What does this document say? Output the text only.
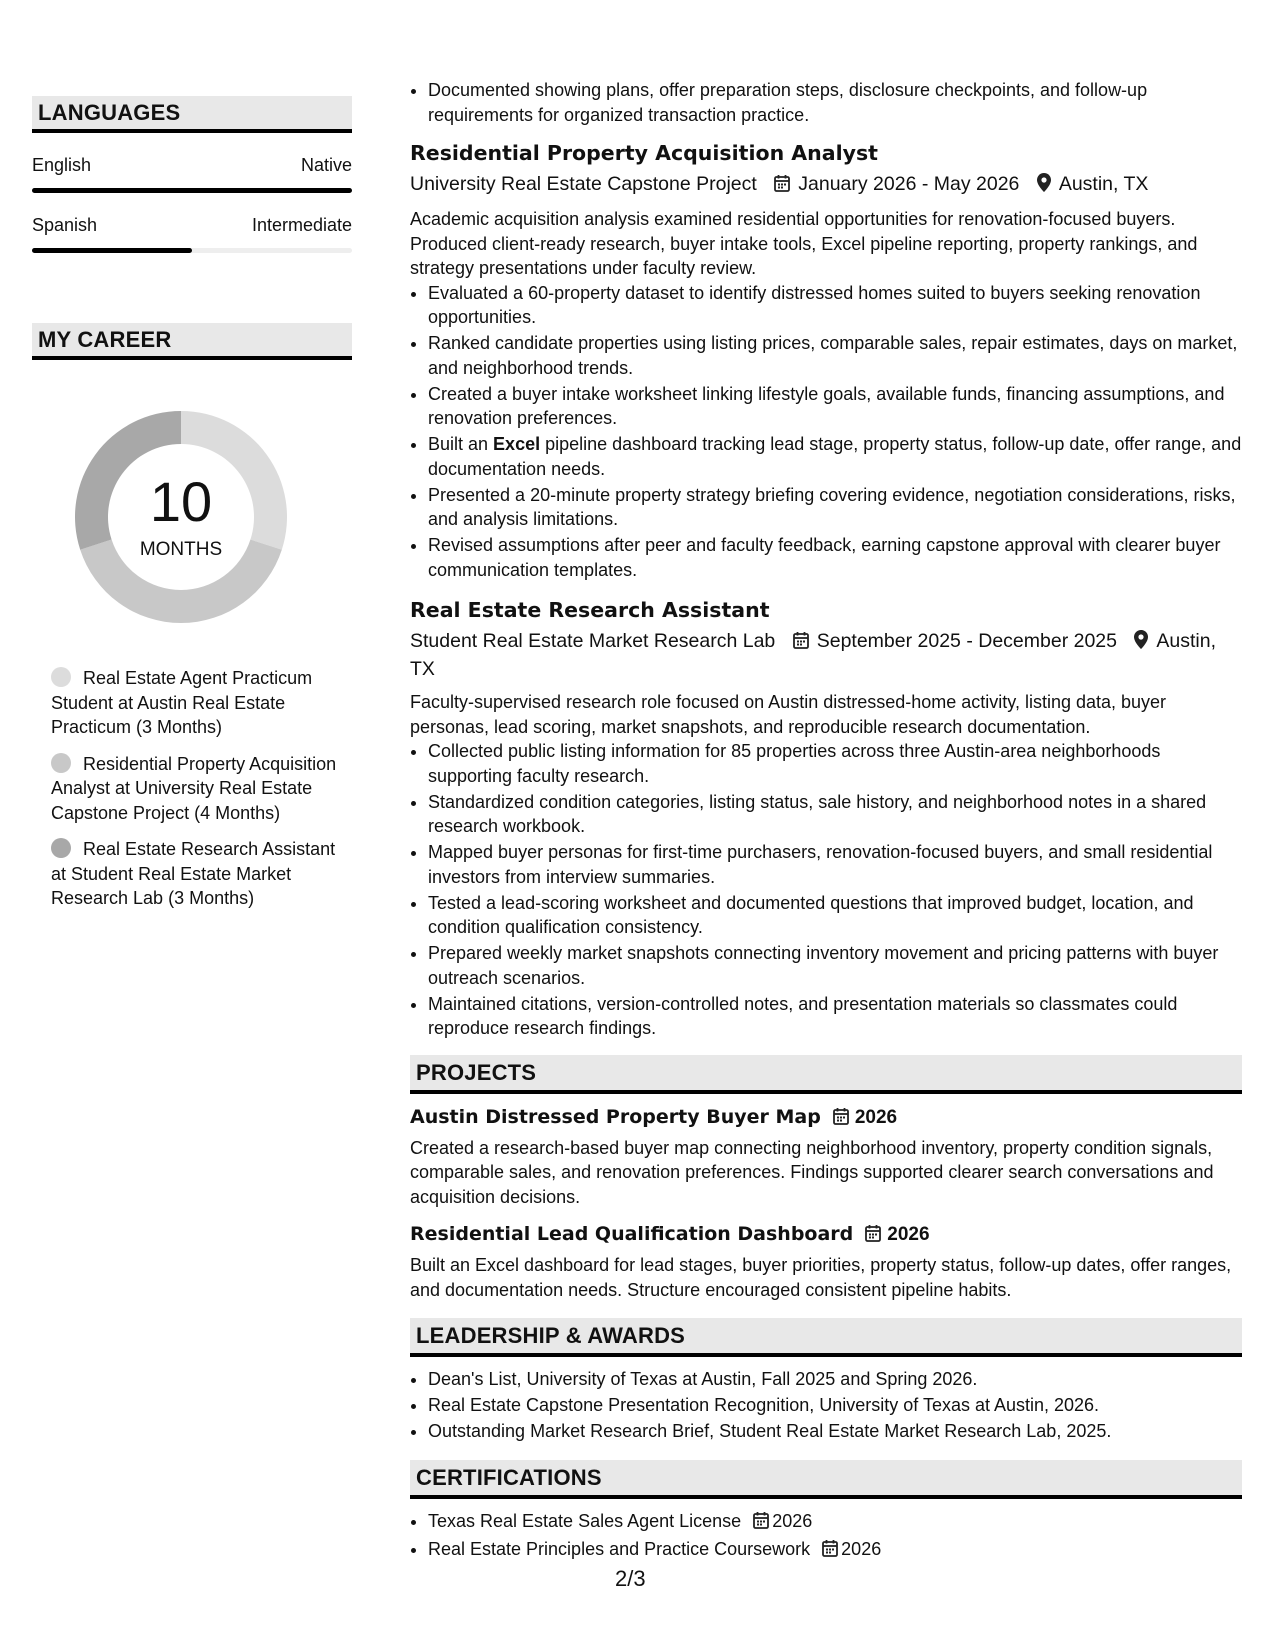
LANGUAGES
English	Native
Spanish	Intermediate
MY CAREER
10
MONTHS
Real Estate Agent Practicum Student at Austin Real Estate Practicum (3 Months)
Residential Property Acquisition Analyst at University Real Estate Capstone Project (4 Months)
Real Estate Research Assistant at Student Real Estate Market Research Lab (3 Months)
• Documented showing plans, offer preparation steps, disclosure checkpoints, and follow-up requirements for organized transaction practice.
Residential Property Acquisition Analyst
University Real Estate Capstone Project January 2026 - May 2026 Austin, TX
Academic acquisition analysis examined residential opportunities for renovation-focused buyers. Produced client-ready research, buyer intake tools, Excel pipeline reporting, property rankings, and strategy presentations under faculty review.
• Evaluated a 60-property dataset to identify distressed homes suited to buyers seeking renovation opportunities.
• Ranked candidate properties using listing prices, comparable sales, repair estimates, days on market, and neighborhood trends.
• Created a buyer intake worksheet linking lifestyle goals, available funds, financing assumptions, and renovation preferences.
• Built an Excel pipeline dashboard tracking lead stage, property status, follow-up date, offer range, and documentation needs.
• Presented a 20-minute property strategy briefing covering evidence, negotiation considerations, risks, and analysis limitations.
• Revised assumptions after peer and faculty feedback, earning capstone approval with clearer buyer communication templates.
Real Estate Research Assistant
Student Real Estate Market Research Lab September 2025 - December 2025 Austin, TX
Faculty-supervised research role focused on Austin distressed-home activity, listing data, buyer personas, lead scoring, market snapshots, and reproducible research documentation.
• Collected public listing information for 85 properties across three Austin-area neighborhoods supporting faculty research.
• Standardized condition categories, listing status, sale history, and neighborhood notes in a shared research workbook.
• Mapped buyer personas for first-time purchasers, renovation-focused buyers, and small residential investors from interview summaries.
• Tested a lead-scoring worksheet and documented questions that improved budget, location, and condition qualification consistency.
• Prepared weekly market snapshots connecting inventory movement and pricing patterns with buyer outreach scenarios.
• Maintained citations, version-controlled notes, and presentation materials so classmates could reproduce research findings.
PROJECTS
Austin Distressed Property Buyer Map 2026
Created a research-based buyer map connecting neighborhood inventory, property condition signals, comparable sales, and renovation preferences. Findings supported clearer search conversations and acquisition decisions.
Residential Lead Qualification Dashboard 2026
Built an Excel dashboard for lead stages, buyer priorities, property status, follow-up dates, offer ranges, and documentation needs. Structure encouraged consistent pipeline habits.
LEADERSHIP & AWARDS
• Dean's List, University of Texas at Austin, Fall 2025 and Spring 2026.
• Real Estate Capstone Presentation Recognition, University of Texas at Austin, 2026.
• Outstanding Market Research Brief, Student Real Estate Market Research Lab, 2025.
CERTIFICATIONS
• Texas Real Estate Sales Agent License 2026
• Real Estate Principles and Practice Coursework 2026
2/3
